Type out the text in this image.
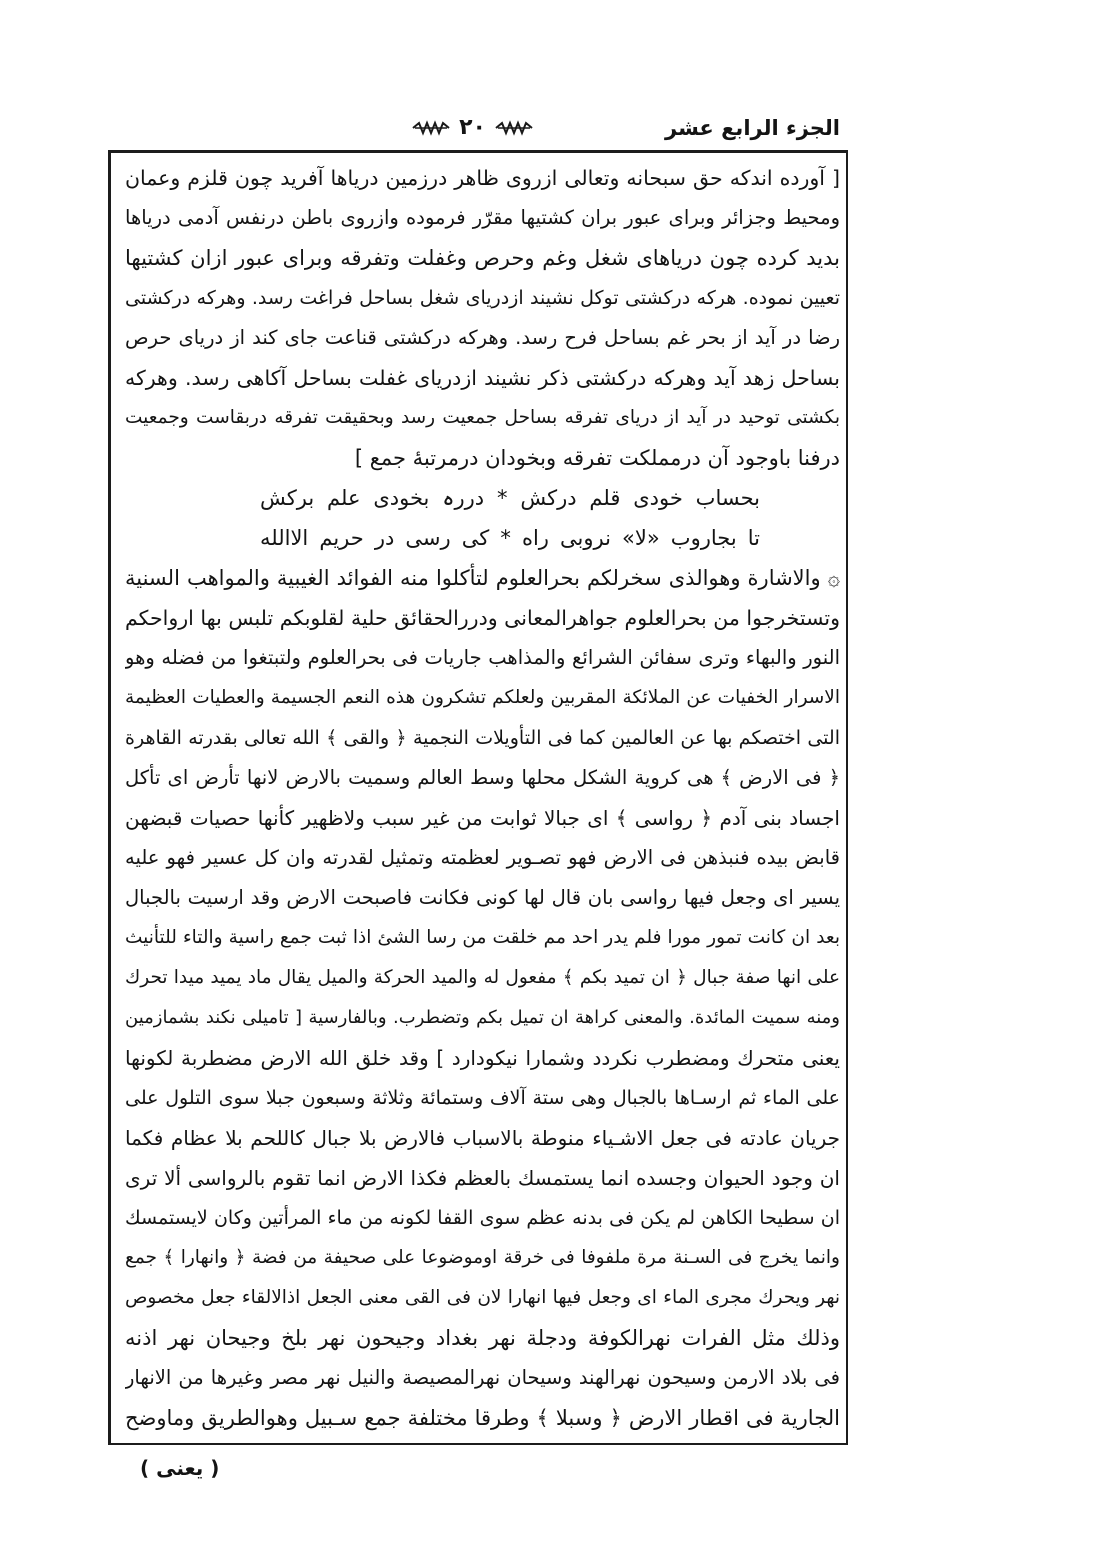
الجزء الرابع عشر
٢٠
[ آورده اندكه حق سبحانه وتعالى ازروى ظاهر درزمين درياها آفريد چون قلزم وعمان
ومحيط وجزائر وبراى عبور بران كشتيها مقرّر فرموده وازروى باطن درنفس آدمى درياها
بديد كرده چون درياهاى شغل وغم وحرص وغفلت وتفرقه وبراى عبور ازان كشتيها
تعيين نموده. هركه دركشتى توكل نشيند ازدرياى شغل بساحل فراغت رسد. وهركه دركشتى
رضا در آيد از بحر غم بساحل فرح رسد. وهركه دركشتى قناعت جاى كند از درياى حرص
بساحل زهد آيد وهركه دركشتى ذكر نشيند ازدرياى غفلت بساحل آكاهى رسد. وهركه
بكشتى توحيد در آيد از درياى تفرقه بساحل جمعيت رسد وبحقيقت تفرقه دربقاست وجمعيت
درفنا باوجود آن درمملكت تفرقه وبخودان درمرتبهٔ جمع ]
بحساب خودى قلم دركش * دررہ بخودى علم بركش
تا بجاروب «لا» نروبى راه * كى رسى در حريم الاالله
۞ والاشارة وهوالذى سخرلكم بحرالعلوم لتأكلوا منه الفوائد الغيبية والمواهب السنية
وتستخرجوا من بحرالعلوم جواهرالمعانى ودررالحقائق حلية لقلوبكم تلبس بها ارواحكم
النور والبهاء وترى سفائن الشرائع والمذاهب جاريات فى بحرالعلوم ولتبتغوا من فضله وهو
الاسرار الخفيات عن الملائكة المقربين ولعلكم تشكرون هذه النعم الجسيمة والعطيات العظيمة
التى اختصكم بها عن العالمين كما فى التأويلات النجمية ﴿ والقى ﴾ الله تعالى بقدرته القاهرة
﴿ فى الارض ﴾ هى كروية الشكل محلها وسط العالم وسميت بالارض لانها تأرض اى تأكل
اجساد بنى آدم ﴿ رواسى ﴾ اى جبالا ثوابت من غير سبب ولاظهير كأنها حصيات قبضهن
قابض بيده فنبذهن فى الارض فهو تصـوير لعظمته وتمثيل لقدرته وان كل عسير فهو عليه
يسير اى وجعل فيها رواسى بان قال لها كونى فكانت فاصبحت الارض وقد ارسيت بالجبال
بعد ان كانت تمور مورا فلم يدر احد مم خلقت من رسا الشئ اذا ثبت جمع راسية والتاء للتأنيث
على انها صفة جبال ﴿ ان تميد بكم ﴾ مفعول له والميد الحركة والميل يقال ماد يميد ميدا تحرك
ومنه سميت المائدة. والمعنى كراهة ان تميل بكم وتضطرب. وبالفارسية [ تاميلى نكند بشمازمين
يعنى متحرك ومضطرب نكردد وشمارا نيكودارد ] وقد خلق الله الارض مضطربة لكونها
على الماء ثم ارسـاها بالجبال وهى ستة آلاف وستمائة وثلاثة وسبعون جبلا سوى التلول على
جريان عادته فى جعل الاشـياء منوطة بالاسباب فالارض بلا جبال كاللحم بلا عظام فكما
ان وجود الحيوان وجسده انما يستمسك بالعظم فكذا الارض انما تقوم بالرواسى ألا ترى
ان سطيحا الكاهن لم يكن فى بدنه عظم سوى القفا لكونه من ماء المرأتين وكان لايستمسك
وانما يخرج فى السـنة مرة ملفوفا فى خرقة اوموضوعا على صحيفة من فضة ﴿ وانهارا ﴾ جمع
نهر ويحرك مجرى الماء اى وجعل فيها انهارا لان فى القى معنى الجعل اذالالقاء جعل مخصوص
وذلك مثل الفرات نهرالكوفة ودجلة نهر بغداد وجيحون نهر بلخ وجيحان نهر اذنه
فى بلاد الارمن وسيحون نهرالهند وسيحان نهرالمصيصة والنيل نهر مصر وغيرها من الانهار
الجارية فى اقطار الارض ﴿ وسبلا ﴾ وطرقا مختلفة جمع سـبيل وهوالطريق وماوضح
( يعنى )
